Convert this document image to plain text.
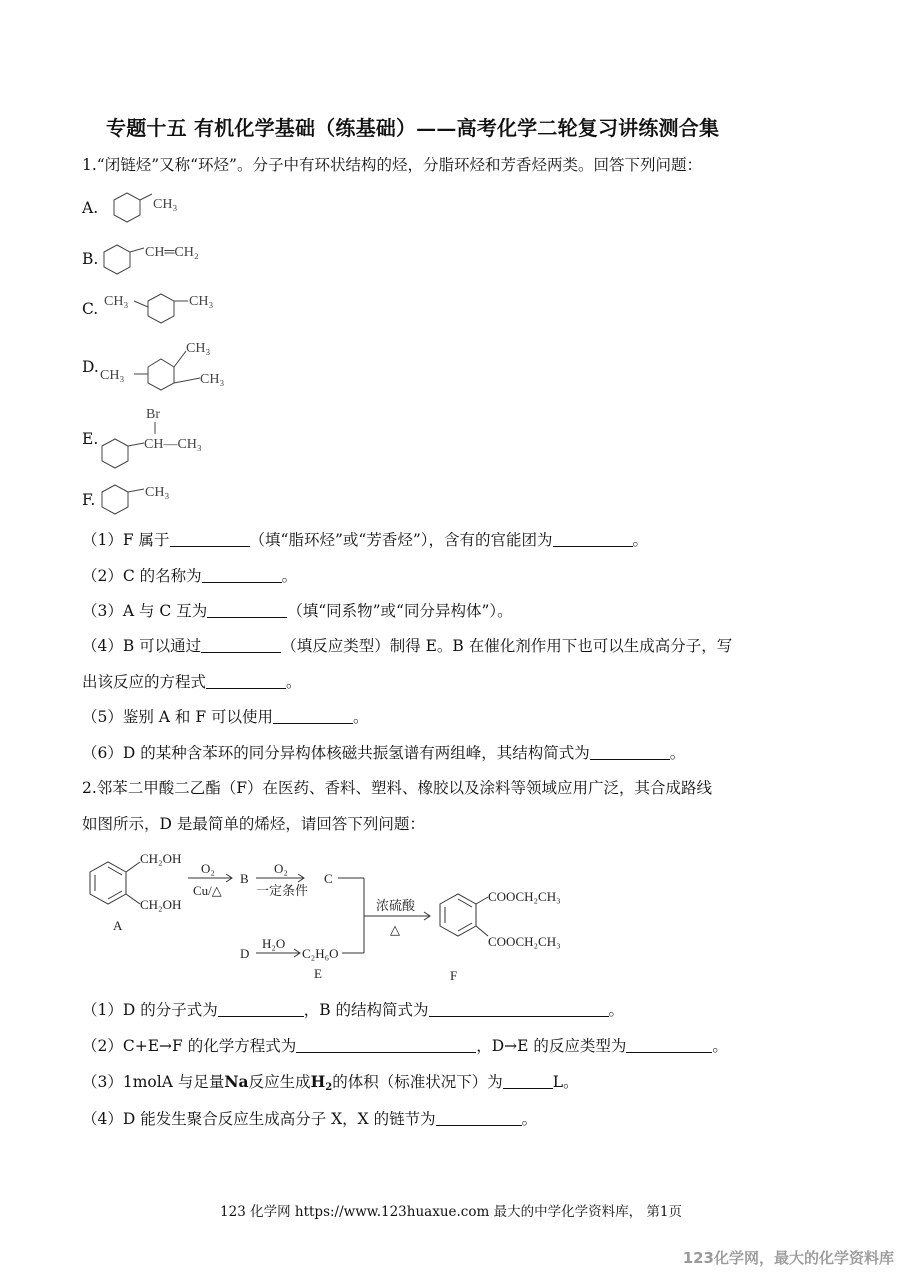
专题十五 有机化学基础（练基础）——高考化学二轮复习讲练测合集
1.“闭链烃”又称“环烃”。分子中有环状结构的烃，分脂环烃和芳香烃两类。回答下列问题：
A.	CH₃
B.	CH═CH₂
C. CH₃	CH₃
D.
CH₃
CH₃	CH₃
E.
Br
CH—CH₃
F.	CH₃
（1）F 属于	（填“脂环烃”或“芳香烃”），含有的官能团为	。
（2）C 的名称为	。
（3）A 与 C 互为	（填“同系物”或“同分异构体”）。
（4）B 可以通过	（填反应类型）制得 E。B 在催化剂作用下也可以生成高分子，写
出该反应的方程式	。
（5）鉴别 A 和 F 可以使用	。
（6）D 的某种含苯环的同分异构体核磁共振氢谱有两组峰，其结构简式为	。
2.邻苯二甲酸二乙酯（F）在医药、香料、塑料、橡胶以及涂料等领域应用广泛，其合成路线
如图所示，D 是最简单的烯烃，请回答下列问题：
CH₂OH
CH₂OH
A
O₂
Cu/△
B
O₂
一定条件
C
D
H₂O
C₂H₆O
E
浓硫酸
△
COOCH₂CH₃
COOCH₂CH₃
F
（1）D 的分子式为	，B 的结构简式为	。
（2）C+E→F 的化学方程式为	，D→E 的反应类型为	。
（3）1molA 与足量Na反应生成H2的体积（标准状况下）为	L。
（4）D 能发生聚合反应生成高分子 X，X 的链节为	。
123 化学网 https://www.123huaxue.com 最大的中学化学资料库， 第1页
123化学网，最大的化学资料库
